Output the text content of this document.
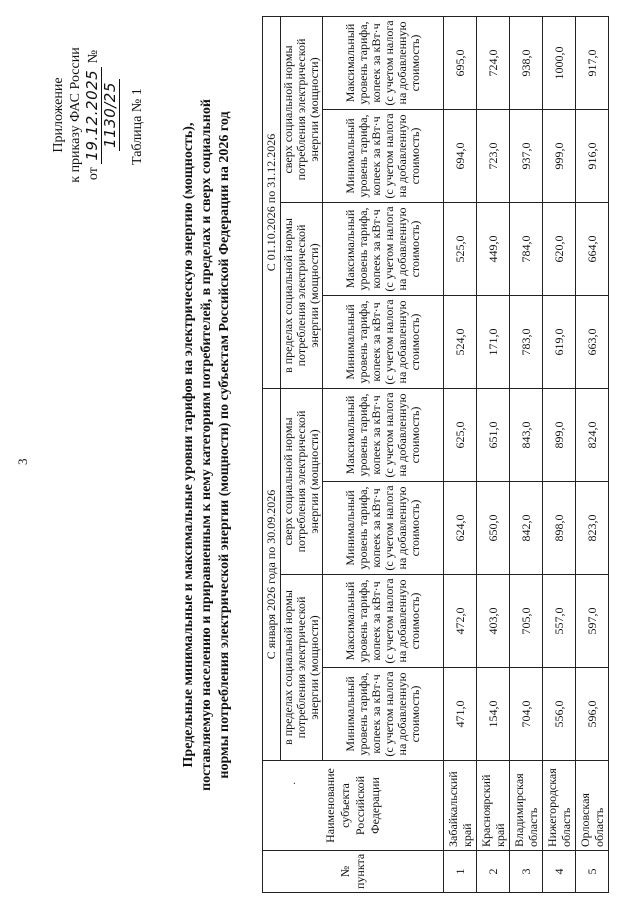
3
Приложение к приказу ФАС России от 19.12.2025 № 1130/25 Таблица № 1	Предельные минимальные и максимальные уровни тарифов на электрическую энергию (мощность), поставляемую населению и приравненным к нему категориям потребителей, в пределах и сверх социальной нормы потребления электрической энергии (мощности) по субъектам Российской Федерации на 2026 год
·
№ пункта	Наименование субъекта Российской Федерации	С января 2026 года по 30.09.2026				С 01.10.2026 по 31.12.2026			
		в пределах социальной нормы потребления электрической энергии (мощности)		сверх социальной нормы потребления электрической энергии (мощности)		в пределах социальной нормы потребления электрической энергии (мощности)		сверх социальной нормы потребления электрической энергии (мощности)	
		Минимальный уровень тарифа, копеек за кВт·ч (с учетом налога на добавленную стоимость)	Максимальный уровень тарифа, копеек за кВт·ч (с учетом налога на добавленную стоимость)	Минимальный уровень тарифа, копеек за кВт·ч (с учетом налога на добавленную стоимость)	Максимальный уровень тарифа, копеек за кВт·ч (с учетом налога на добавленную стоимость)	Минимальный уровень тарифа, копеек за кВт·ч (с учетом налога на добавленную стоимость)	Максимальный уровень тарифа, копеек за кВт·ч (с учетом налога на добавленную стоимость)	Минимальный уровень тарифа, копеек за кВт·ч (с учетом налога на добавленную стоимость)	Максимальный уровень тарифа, копеек за кВт·ч (с учетом налога на добавленную стоимость)
1	Забайкальский край	471,0	472,0	624,0	625,0	524,0	525,0	694,0	695,0
2	Красноярский край	154,0	403,0	650,0	651,0	171,0	449,0	723,0	724,0
3	Владимирская область	704,0	705,0	842,0	843,0	783,0	784,0	937,0	938,0
4	Нижегородская область	556,0	557,0	898,0	899,0	619,0	620,0	999,0	1000,0
5	Орловская область	596,0	597,0	823,0	824,0	663,0	664,0	916,0	917,0
